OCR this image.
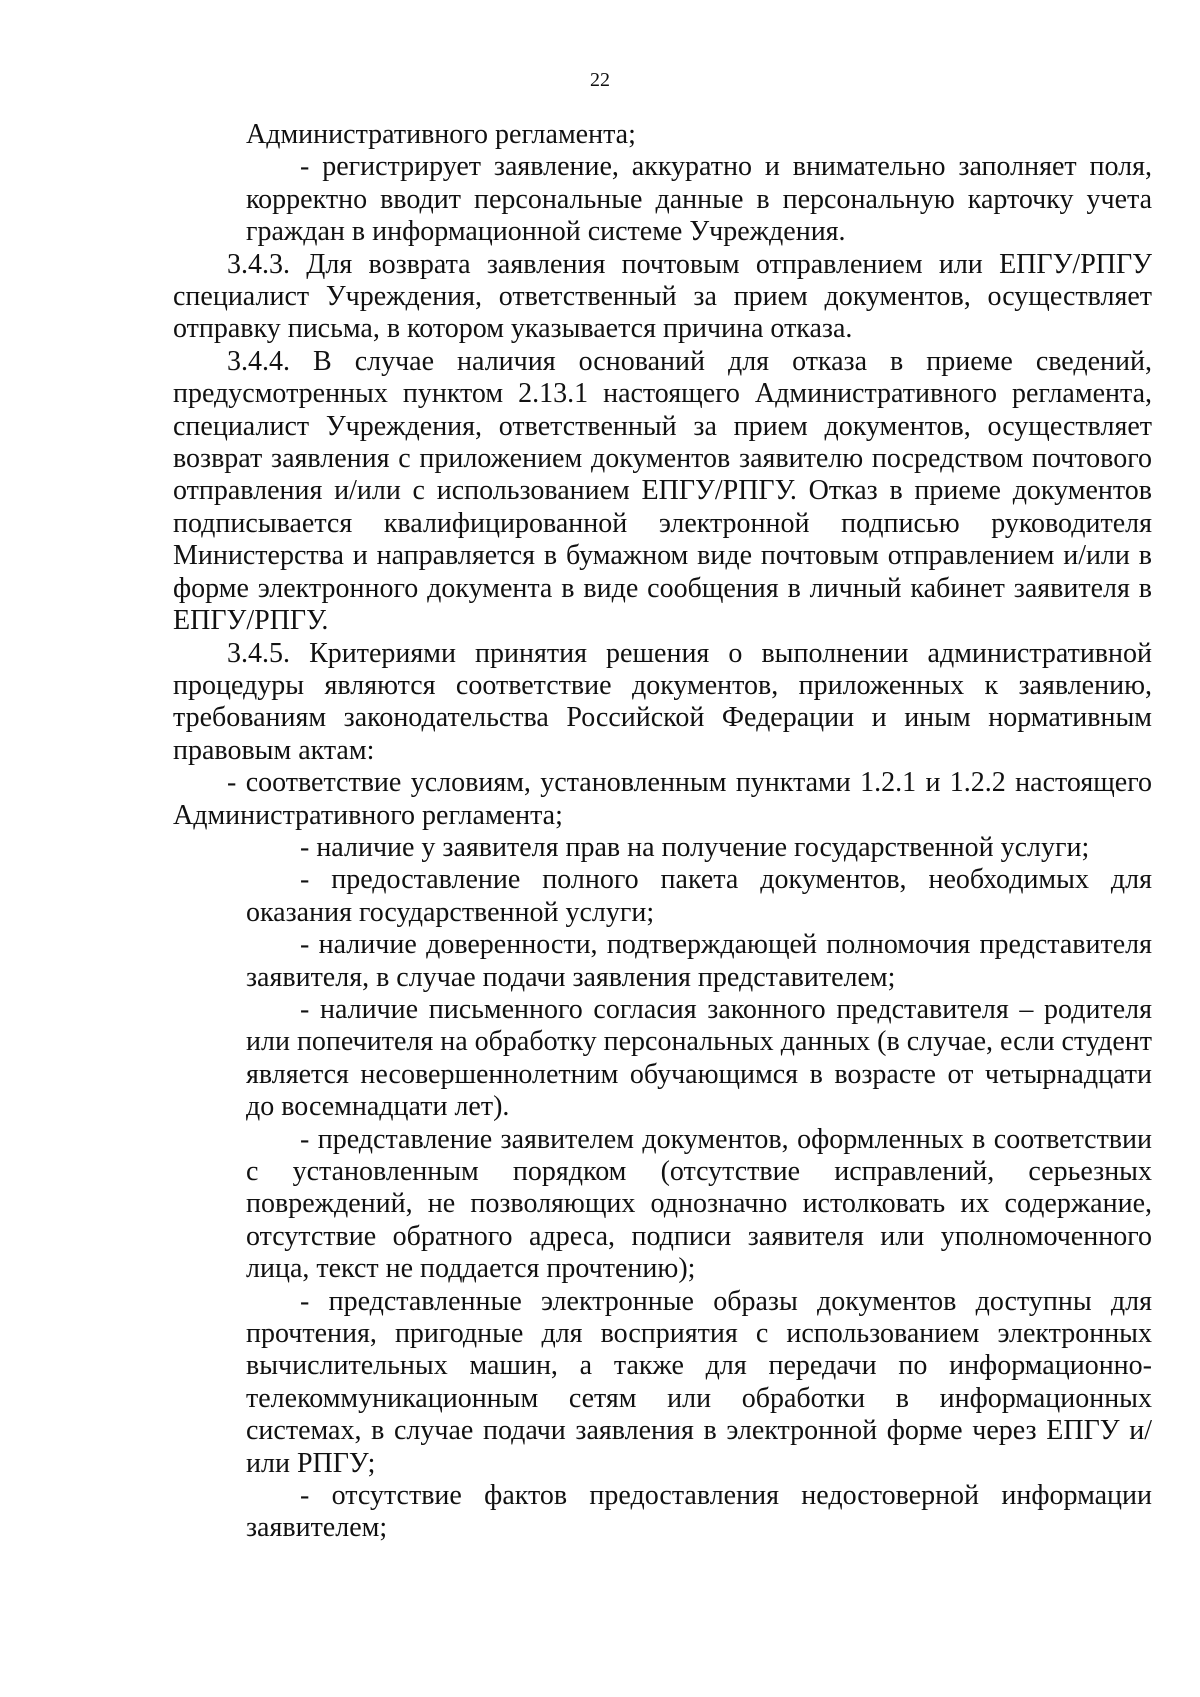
22

Административного регламента;

- регистрирует заявление, аккуратно и внимательно заполняет поля, корректно вводит персональные данные в персональную карточку учета граждан в информационной системе Учреждения.

3.4.3. Для возврата заявления почтовым отправлением или ЕПГУ/РПГУ специалист Учреждения, ответственный за прием документов, осуществляет отправку письма, в котором указывается причина отказа.

3.4.4. В случае наличия оснований для отказа в приеме сведений, предусмотренных пунктом 2.13.1 настоящего Административного регламента, специалист Учреждения, ответственный за прием документов, осуществляет возврат заявления с приложением документов заявителю посредством почтового отправления и/или с использованием ЕПГУ/РПГУ. Отказ в приеме документов подписывается квалифицированной электронной подписью руководителя Министерства и направляется в бумажном виде почтовым отправлением и/или в форме электронного документа в виде сообщения в личный кабинет заявителя в ЕПГУ/РПГУ.

3.4.5. Критериями принятия решения о выполнении административной процедуры являются соответствие документов, приложенных к заявлению, требованиям законодательства Российской Федерации и иным нормативным правовым актам:

- соответствие условиям, установленным пунктами 1.2.1 и 1.2.2 настоящего Административного регламента;

- наличие у заявителя прав на получение государственной услуги;

- предоставление полного пакета документов, необходимых для оказания государственной услуги;

- наличие доверенности, подтверждающей полномочия представителя заявителя, в случае подачи заявления представителем;

- наличие письменного согласия законного представителя – родителя или попечителя на обработку персональных данных (в случае, если студент является несовершеннолетним обучающимся в возрасте от четырнадцати до восемнадцати лет).

- представление заявителем документов, оформленных в соответствии с установленным порядком (отсутствие исправлений, серьезных повреждений, не позволяющих однозначно истолковать их содержание, отсутствие обратного адреса, подписи заявителя или уполномоченного лица, текст не поддается прочтению);

- представленные электронные образы документов доступны для прочтения, пригодные для восприятия с использованием электронных вычислительных машин, а также для передачи по информационно-телекоммуникационным сетям или обработки в информационных системах, в случае подачи заявления в электронной форме через ЕПГУ и/или РПГУ;

- отсутствие фактов предоставления недостоверной информации заявителем;
